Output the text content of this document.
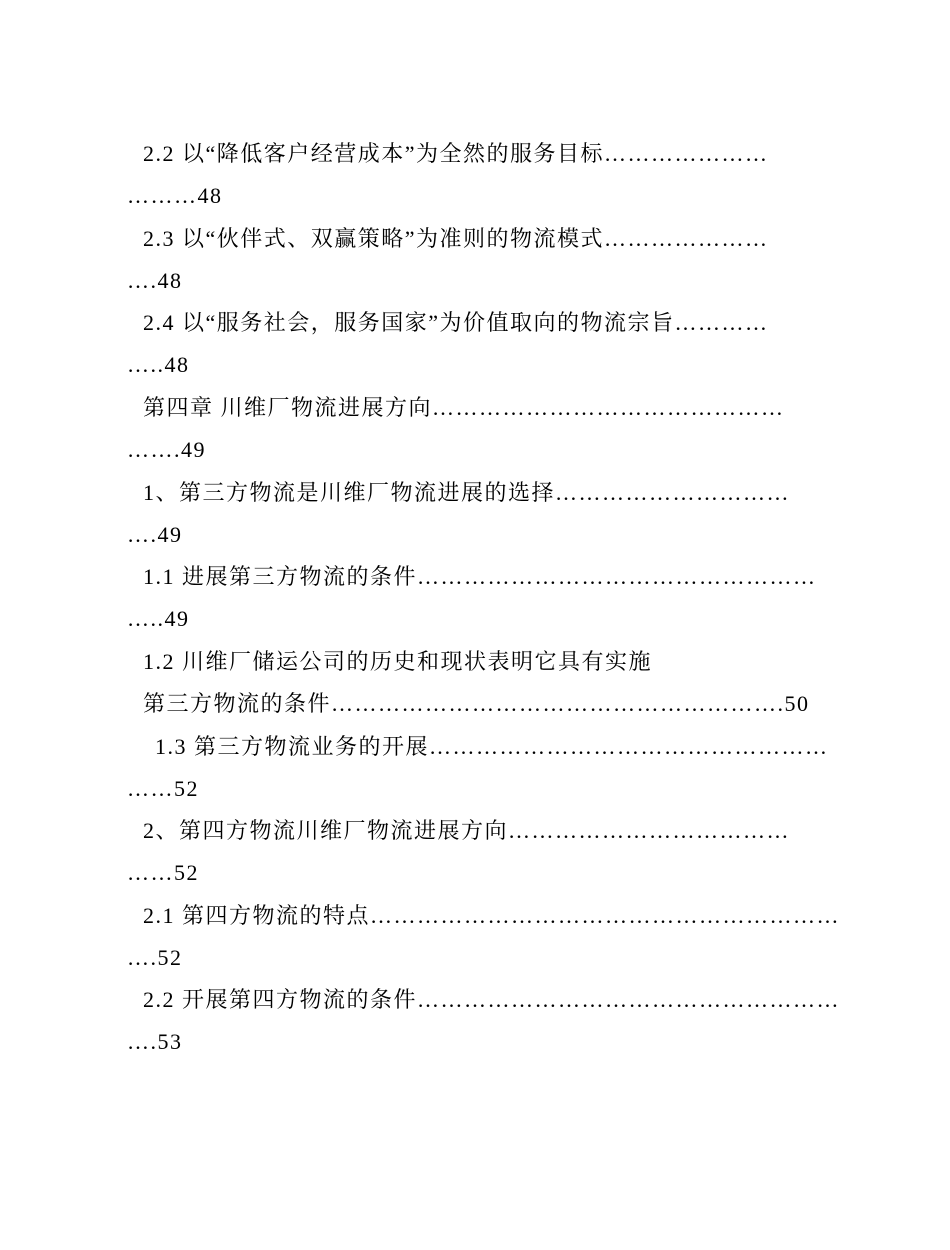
2.2 以“降低客户经营成本”为全然的服务目标…………………
………48
2.3 以“伙伴式、双赢策略”为准则的物流模式…………………
….48
2.4 以“服务社会，服务国家”为价值取向的物流宗旨…………
…..48
第四章 川维厂物流进展方向………………………………………
…….49
1、第三方物流是川维厂物流进展的选择…………………………
….49
1.1 进展第三方物流的条件……………………………………………
…..49
1.2 川维厂储运公司的历史和现状表明它具有实施
第三方物流的条件………………………………………………….50
1.3 第三方物流业务的开展……………………………………………
……52
2、第四方物流川维厂物流进展方向………………………………
……52
2.1 第四方物流的特点……………………………………………………
….52
2.2 开展第四方物流的条件………………………………………………
….53
